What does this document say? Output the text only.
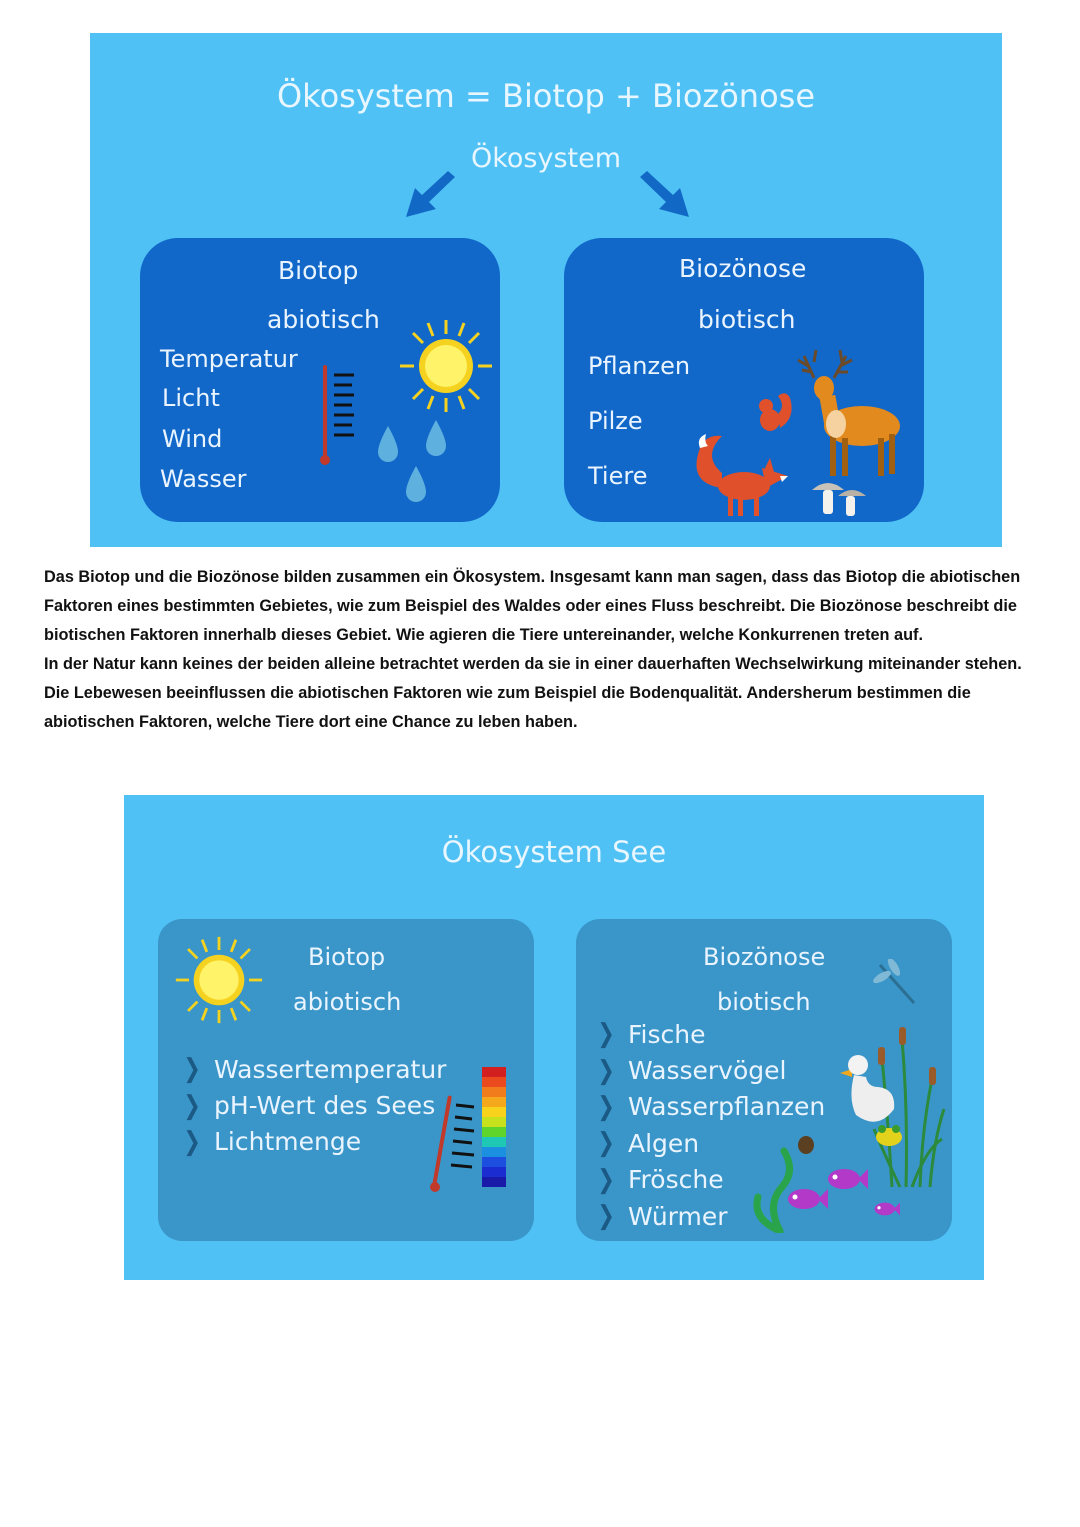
Ökosystem = Biotop + Biozönose
Ökosystem
Biotop
abiotisch
Temperatur
Licht
Wind
Wasser
Biozönose
biotisch
Pflanzen
Pilze
Tiere

Das Biotop und die Biozönose bilden zusammen ein Ökosystem. Insgesamt kann man sagen, dass das Biotop die abiotischen Faktoren eines bestimmten Gebietes, wie zum Beispiel des Waldes oder eines Fluss beschreibt. Die Biozönose beschreibt die biotischen Faktoren innerhalb dieses Gebiet. Wie agieren die Tiere untereinander, welche Konkurrenen treten auf.

In der Natur kann keines der beiden alleine betrachtet werden da sie in einer dauerhaften Wechselwirkung miteinander stehen. Die Lebewesen beeinflussen die abiotischen Faktoren wie zum Beispiel die Bodenqualität. Andersherum bestimmen die abiotischen Faktoren, welche Tiere dort eine Chance zu leben haben.

Ökosystem See
Biotop
abiotisch
❯ Wassertemperatur
❯ pH-Wert des Sees
❯ Lichtmenge
Biozönose
biotisch
❯ Fische
❯ Wasservögel
❯ Wasserpflanzen
❯ Algen
❯ Frösche
❯ Würmer
